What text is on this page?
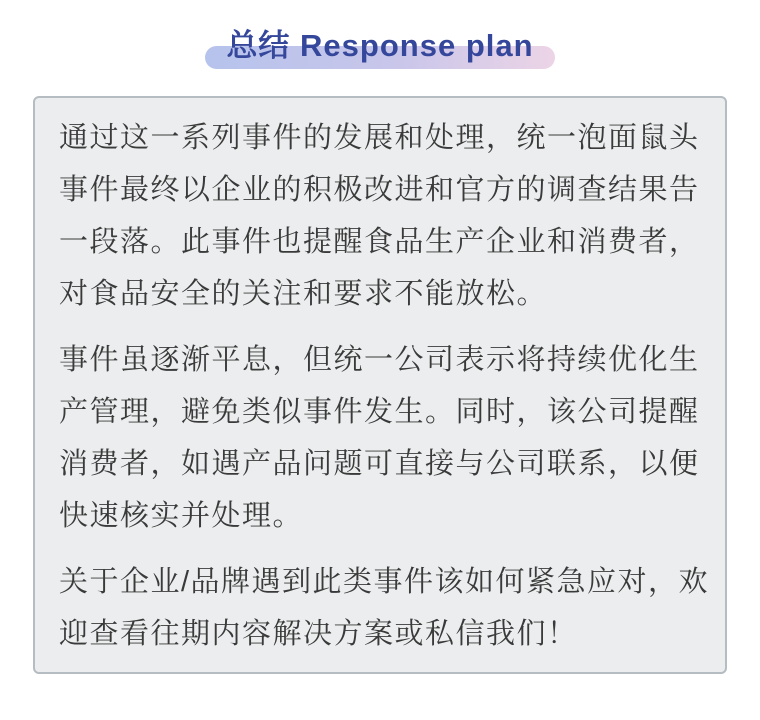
总结 Response plan
通过这一系列事件的发展和处理，统一泡面鼠头
事件最终以企业的积极改进和官方的调查结果告
一段落。此事件也提醒食品生产企业和消费者，
对食品安全的关注和要求不能放松。
事件虽逐渐平息，但统一公司表示将持续优化生
产管理，避免类似事件发生。同时，该公司提醒
消费者，如遇产品问题可直接与公司联系，以便
快速核实并处理。
关于企业/品牌遇到此类事件该如何紧急应对，欢
迎查看往期内容解决方案或私信我们！
